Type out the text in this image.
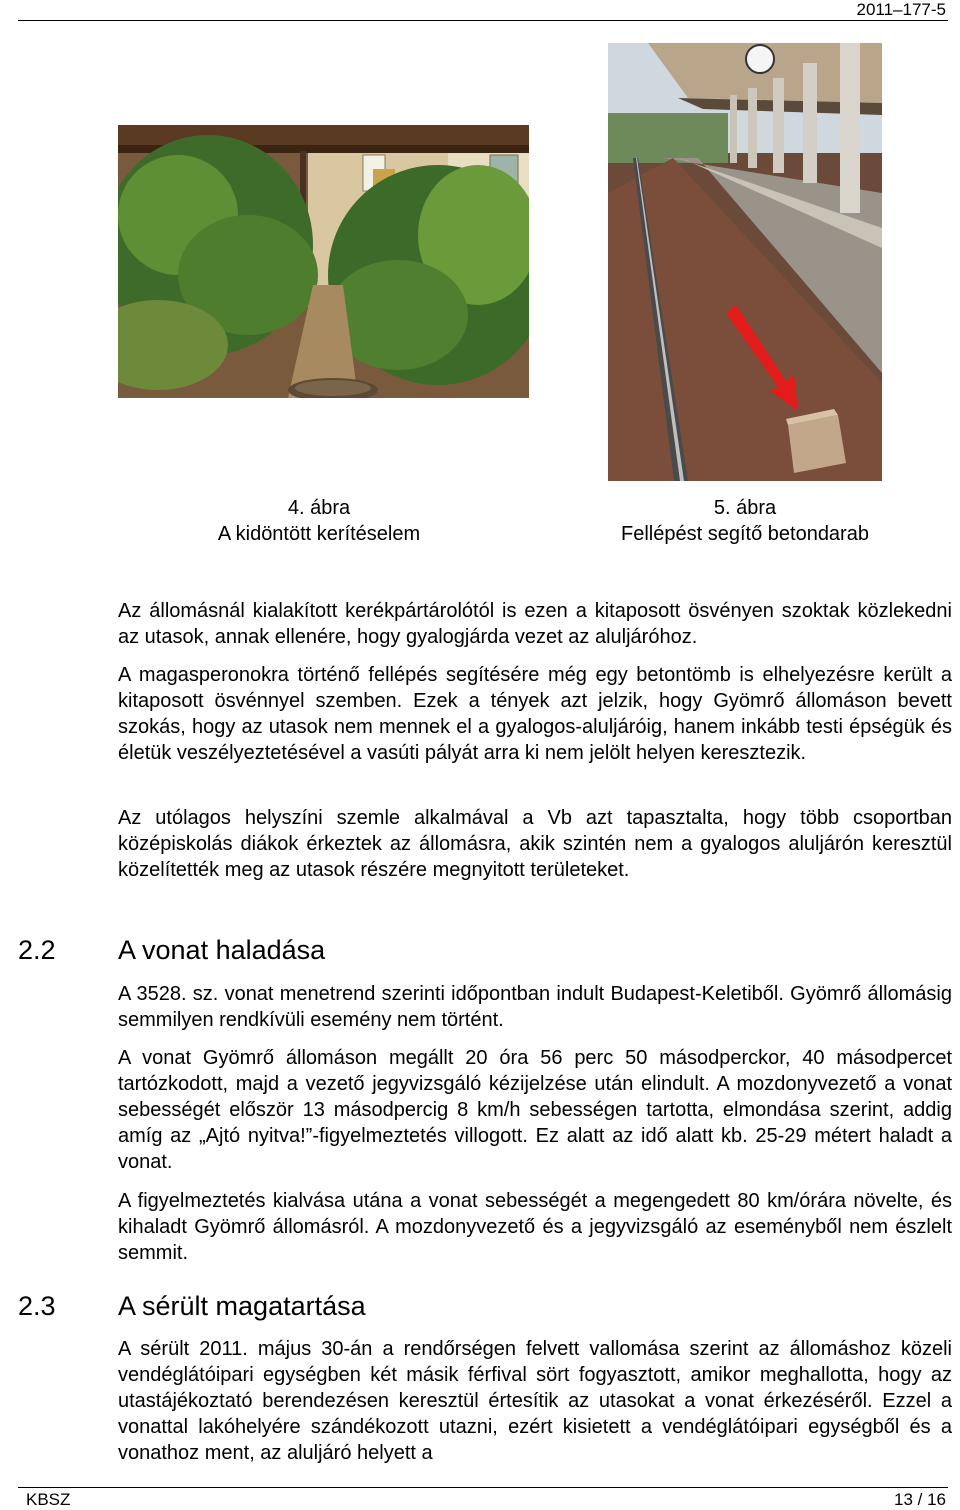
2011–177-5
4. ábra
A kidöntött kerítéselem
5. ábra
Fellépést segítő betondarab

Az állomásnál kialakított kerékpártárolótól is ezen a kitaposott ösvényen szoktak közlekedni az utasok, annak ellenére, hogy gyalogjárda vezet az aluljáróhoz.

A magasperonokra történő fellépés segítésére még egy betontömb is elhelyezésre került a kitaposott ösvénnyel szemben. Ezek a tények azt jelzik, hogy Gyömrő állomáson bevett szokás, hogy az utasok nem mennek el a gyalogos-aluljáróig, hanem inkább testi épségük és életük veszélyeztetésével a vasúti pályát arra ki nem jelölt helyen keresztezik.

Az utólagos helyszíni szemle alkalmával a Vb azt tapasztalta, hogy több csoportban középiskolás diákok érkeztek az állomásra, akik szintén nem a gyalogos aluljárón keresztül közelítették meg az utasok részére megnyitott területeket.

2.2 A vonat haladása

A 3528. sz. vonat menetrend szerinti időpontban indult Budapest-Keletiből. Gyömrő állomásig semmilyen rendkívüli esemény nem történt.

A vonat Gyömrő állomáson megállt 20 óra 56 perc 50 másodperckor, 40 másodpercet tartózkodott, majd a vezető jegyvizsgáló kézijelzése után elindult. A mozdonyvezető a vonat sebességét először 13 másodpercig 8 km/h sebességen tartotta, elmondása szerint, addig amíg az „Ajtó nyitva!”-figyelmeztetés villogott. Ez alatt az idő alatt kb. 25-29 métert haladt a vonat.

A figyelmeztetés kialvása utána a vonat sebességét a megengedett 80 km/órára növelte, és kihaladt Gyömrő állomásról. A mozdonyvezető és a jegyvizsgáló az eseményből nem észlelt semmit.

2.3 A sérült magatartása

A sérült 2011. május 30-án a rendőrségen felvett vallomása szerint az állomáshoz közeli vendéglátóipari egységben két másik férfival sört fogyasztott, amikor meghallotta, hogy az utastájékoztató berendezésen keresztül értesítik az utasokat a vonat érkezéséről. Ezzel a vonattal lakóhelyére szándékozott utazni, ezért kisietett a vendéglátóipari egységből és a vonathoz ment, az aluljáró helyett a

KBSZ	13 / 16
